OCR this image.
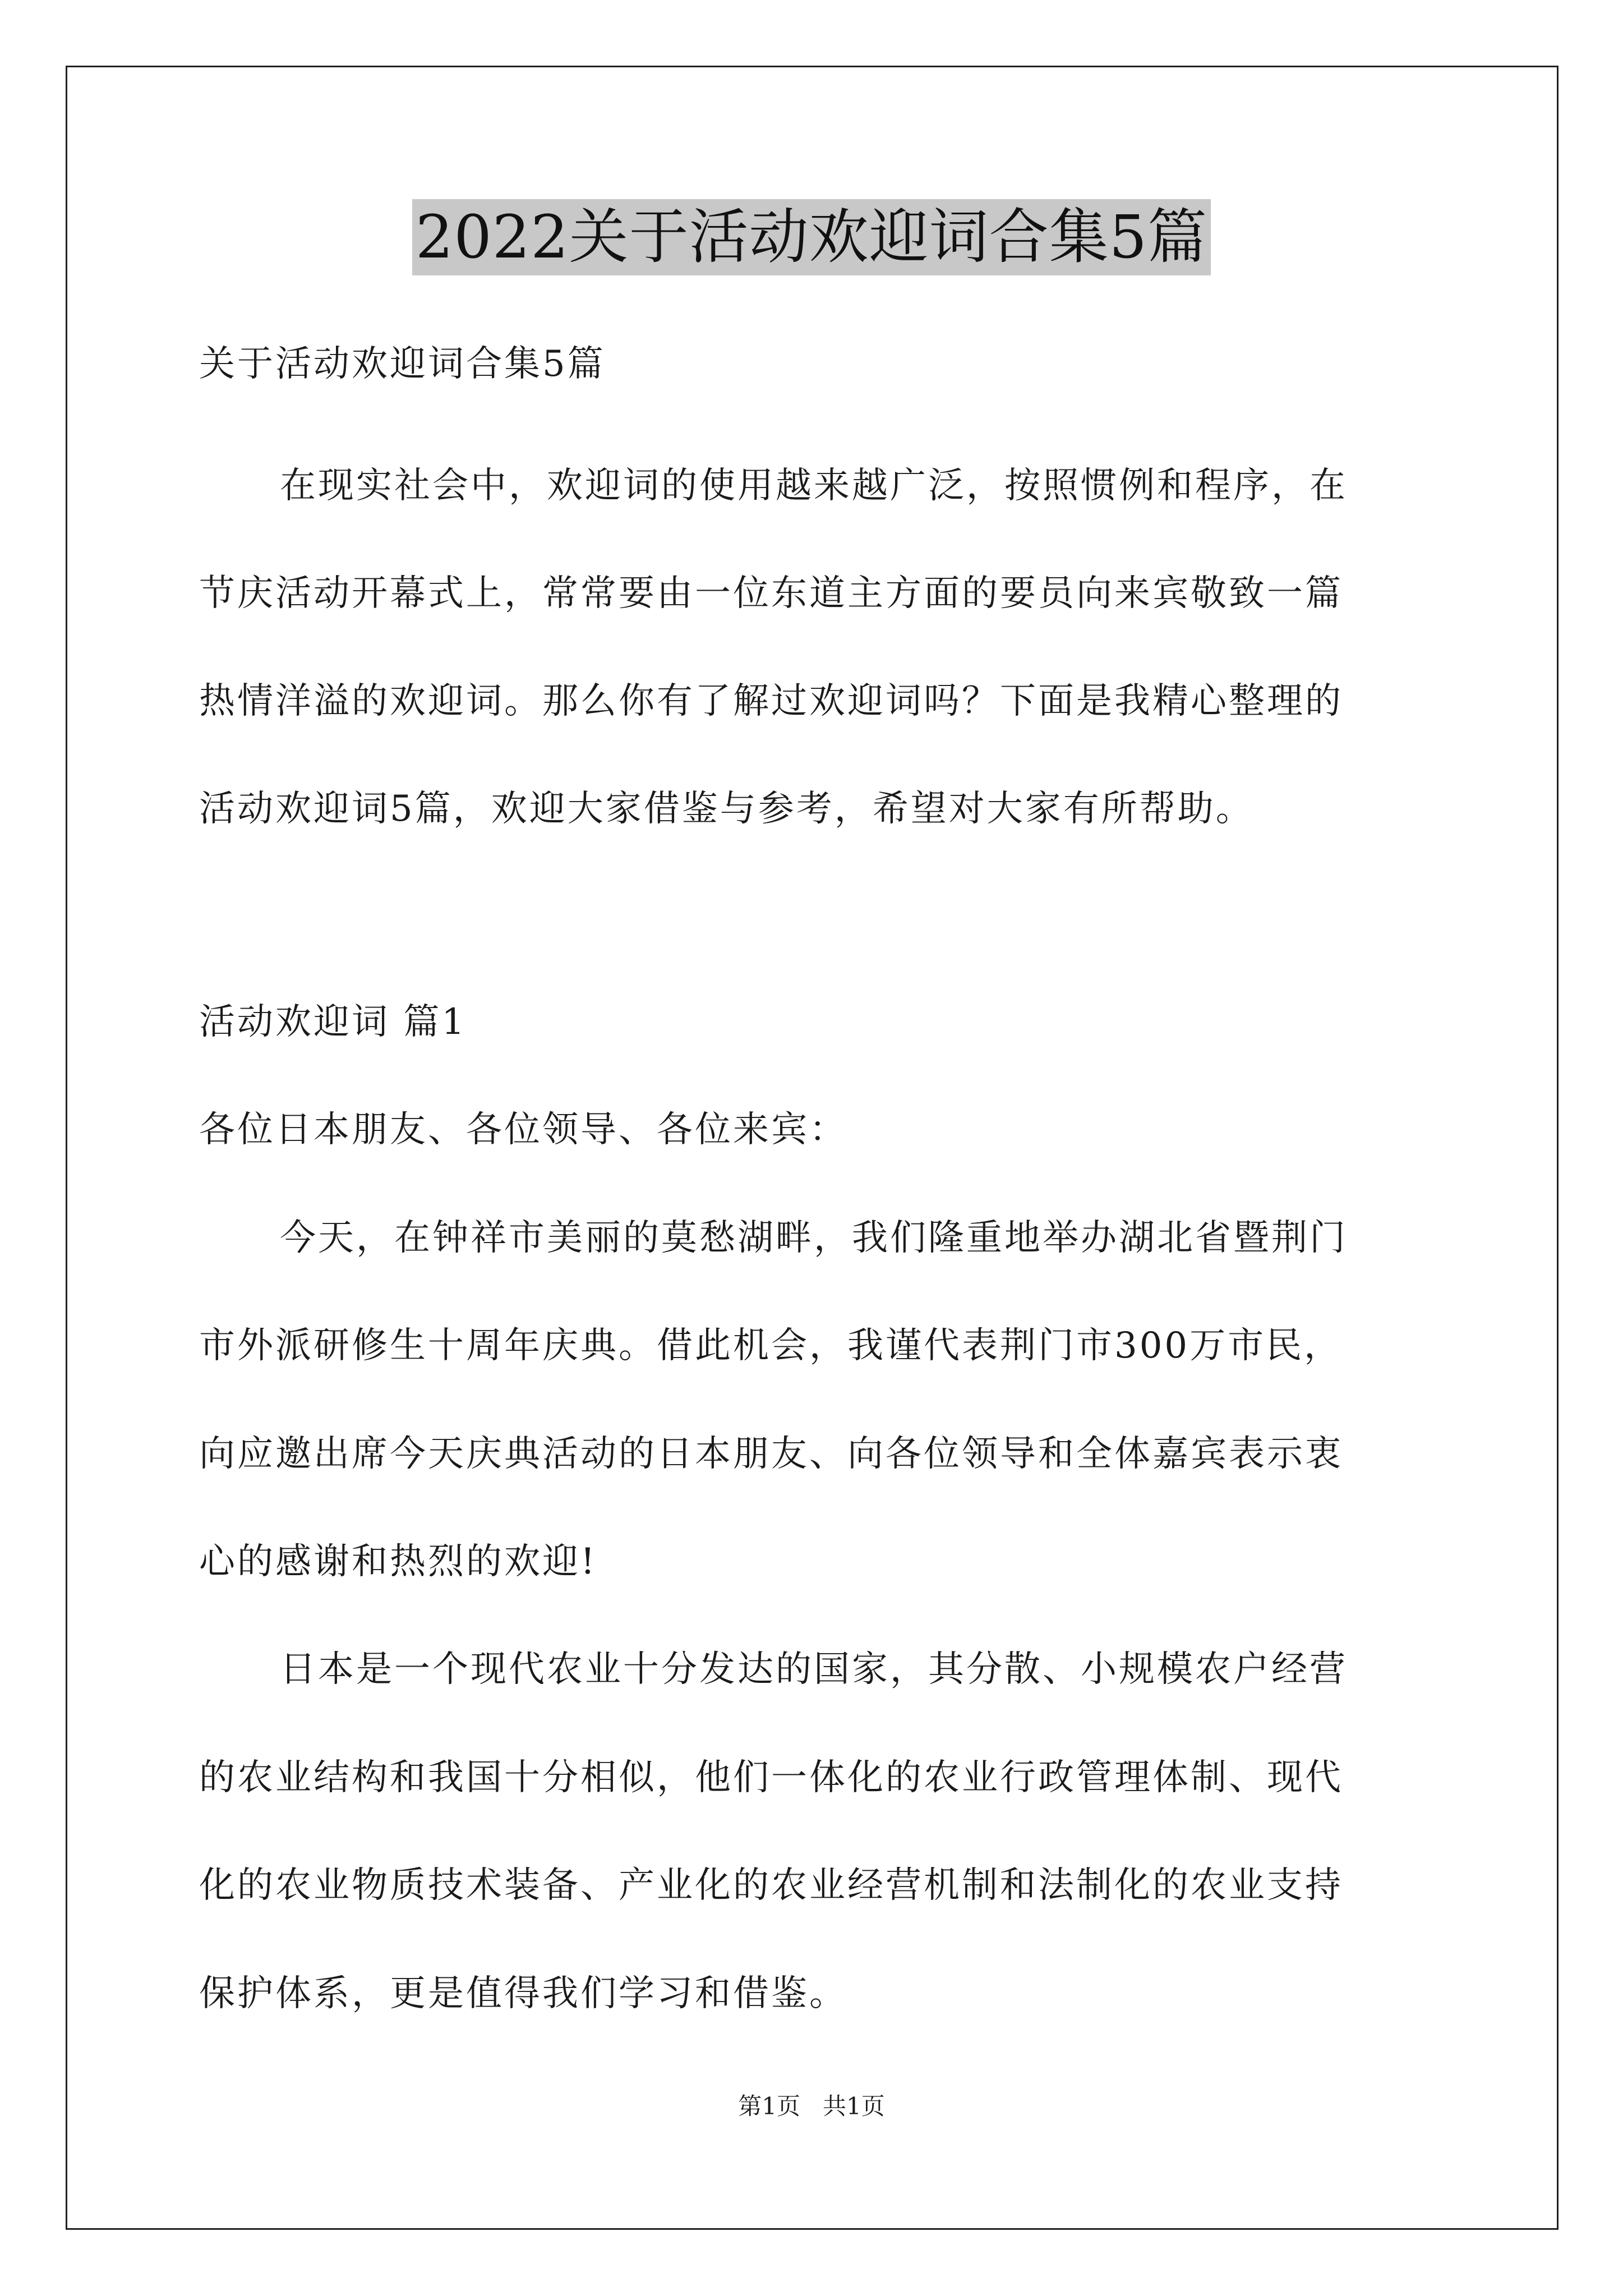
2022关于活动欢迎词合集5篇
关于活动欢迎词合集5篇
在现实社会中，欢迎词的使用越来越广泛，按照惯例和程序，在
节庆活动开幕式上，常常要由一位东道主方面的要员向来宾敬致一篇
热情洋溢的欢迎词。那么你有了解过欢迎词吗？下面是我精心整理的
活动欢迎词5篇，欢迎大家借鉴与参考，希望对大家有所帮助。
活动欢迎词 篇1
各位日本朋友、各位领导、各位来宾：
今天，在钟祥市美丽的莫愁湖畔，我们隆重地举办湖北省暨荆门
市外派研修生十周年庆典。借此机会，我谨代表荆门市300万市民，
向应邀出席今天庆典活动的日本朋友、向各位领导和全体嘉宾表示衷
心的感谢和热烈的欢迎!
日本是一个现代农业十分发达的国家，其分散、小规模农户经营
的农业结构和我国十分相似，他们一体化的农业行政管理体制、现代
化的农业物质技术装备、产业化的农业经营机制和法制化的农业支持
保护体系，更是值得我们学习和借鉴。
第1页 共1页
